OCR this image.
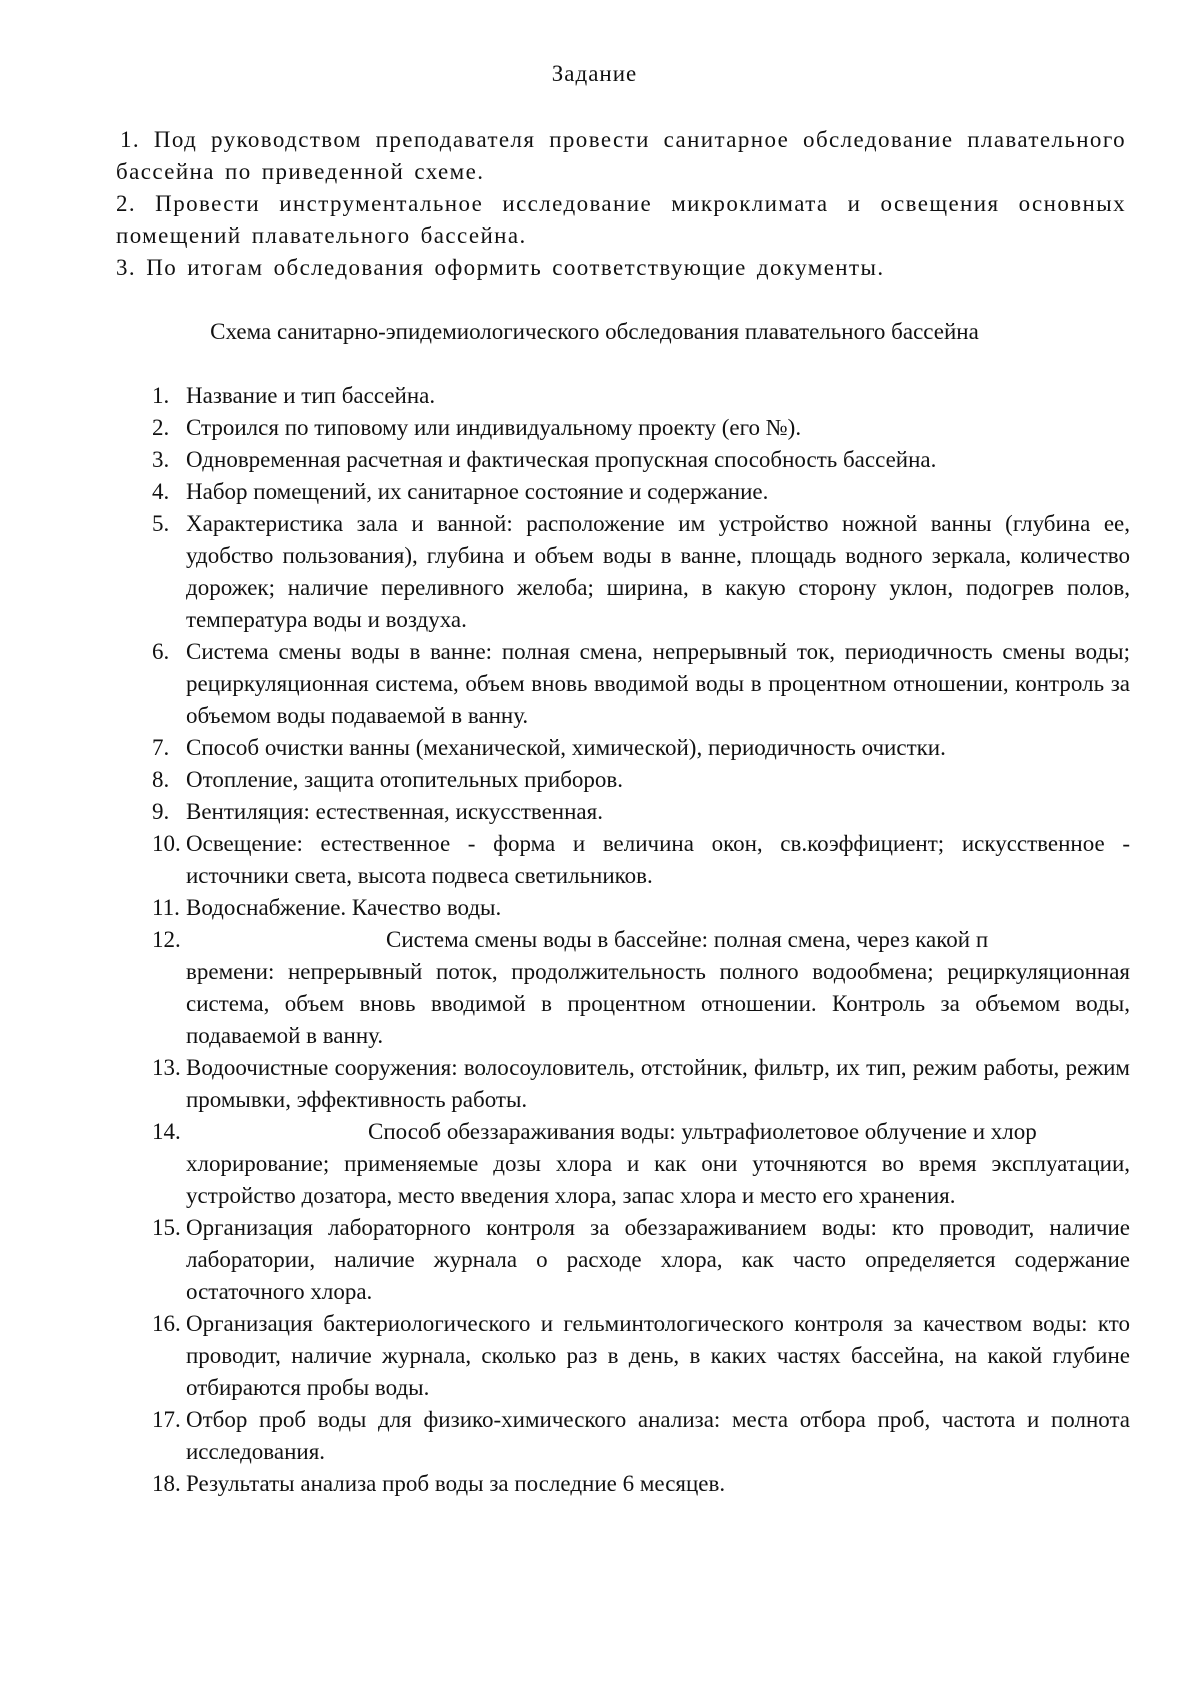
Задание

1. Под руководством преподавателя провести санитарное обследование плавательного бассейна по приведенной схеме.

2. Провести инструментальное исследование микроклимата и освещения основных помещений плавательного бассейна.

3. По итогам обследования оформить соответствующие документы.

Схема санитарно-эпидемиологического обследования плавательного бассейна
1. Название и тип бассейна.
2. Строился по типовому или индивидуальному проекту (его №).
3. Одновременная расчетная и фактическая пропускная способность бассейна.
4. Набор помещений, их санитарное состояние и содержание.
5. Характеристика зала и ванной: расположение им устройство ножной ванны (глубина ее, удобство пользования), глубина и объем воды в ванне, площадь водного зеркала, количество дорожек; наличие переливного желоба; ширина, в какую сторону уклон, подогрев полов, температура воды и воздуха.
6. Система смены воды в ванне: полная смена, непрерывный ток, периодичность смены воды; рециркуляционная система, объем вновь вводимой воды в процентном отношении, контроль за объемом воды подаваемой в ванну.
7. Способ очистки ванны (механической, химической), периодичность очистки.
8. Отопление, защита отопительных приборов.
9. Вентиляция: естественная, искусственная.
10. Освещение: естественное - форма и величина окон, св.коэффициент; искусственное - источники света, высота подвеса светильников.
11. Водоснабжение. Качество воды.
12.	Система смены воды в бассейне: полная смена, через какой п
времени: непрерывный поток, продолжительность полного водообмена; рециркуляционная система, объем вновь вводимой в процентном отношении. Контроль за объемом воды, подаваемой в ванну.
13. Водоочистные сооружения: волосоуловитель, отстойник, фильтр, их тип, режим работы, режим промывки, эффективность работы.
14.	Способ обеззараживания воды: ультрафиолетовое облучение и хлор
хлорирование; применяемые дозы хлора и как они уточняются во время эксплуатации, устройство дозатора, место введения хлора, запас хлора и место его хранения.
15. Организация лабораторного контроля за обеззараживанием воды: кто проводит, наличие лаборатории, наличие журнала о расходе хлора, как часто определяется содержание остаточного хлора.
16. Организация бактериологического и гельминтологического контроля за качеством воды: кто проводит, наличие журнала, сколько раз в день, в каких частях бассейна, на какой глубине отбираются пробы воды.
17. Отбор проб воды для физико-химического анализа: места отбора проб, частота и полнота исследования.
18. Результаты анализа проб воды за последние 6 месяцев.
